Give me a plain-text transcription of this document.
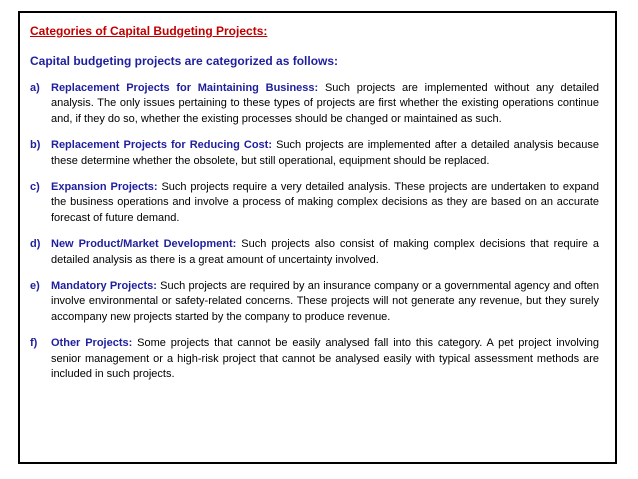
Categories of Capital Budgeting Projects:
Capital budgeting projects are categorized as follows:
a)	Replacement Projects for Maintaining Business: Such projects are implemented without any detailed analysis. The only issues pertaining to these types of projects are first whether the existing operations continue and, if they do so, whether the existing processes should be changed or maintained as such.
b) Replacement Projects for Reducing Cost: Such projects are implemented after a detailed analysis because these determine whether the obsolete, but still operational, equipment should be replaced.
c)	Expansion Projects: Such projects require a very detailed analysis. These projects are undertaken to expand the business operations and involve a process of making complex decisions as they are based on an accurate forecast of future demand.
d) New Product/Market Development: Such projects also consist of making complex decisions that require a detailed analysis as there is a great amount of uncertainty involved.
e)	Mandatory Projects: Such projects are required by an insurance company or a governmental agency and often involve environmental or safety-related concerns. These projects will not generate any revenue, but they surely accompany new projects started by the company to produce revenue.
f)	Other Projects: Some projects that cannot be easily analysed fall into this category. A pet project involving senior management or a high-risk project that cannot be analysed easily with typical assessment methods are included in such projects.
